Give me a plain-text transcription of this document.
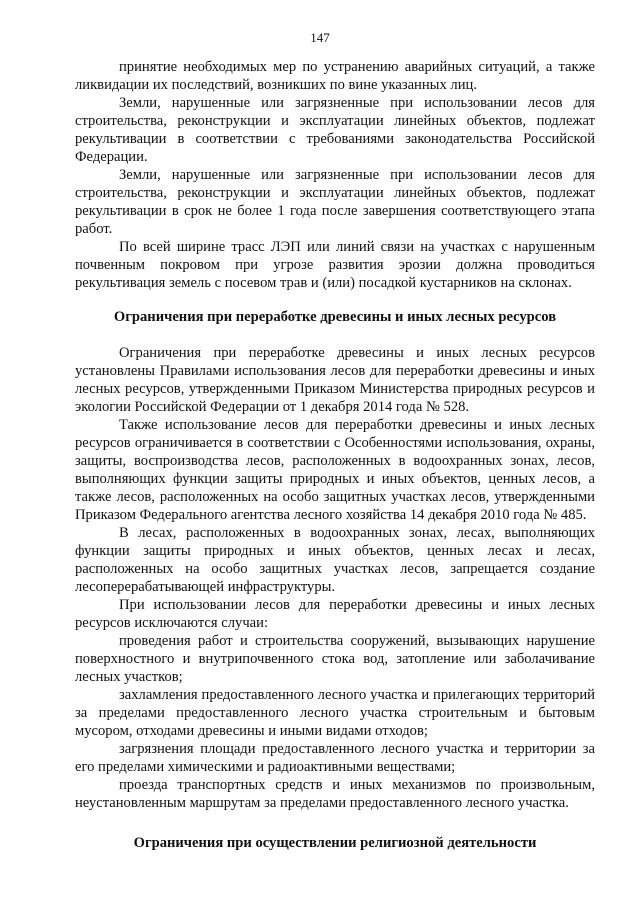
147

принятие необходимых мер по устранению аварийных ситуаций, а также ликвидации их последствий, возникших по вине указанных лиц.

Земли, нарушенные или загрязненные при использовании лесов для строительства, реконструкции и эксплуатации линейных объектов, подлежат рекультивации в соответствии с требованиями законодательства Российской Федерации.

Земли, нарушенные или загрязненные при использовании лесов для строительства, реконструкции и эксплуатации линейных объектов, подлежат рекультивации в срок не более 1 года после завершения соответствующего этапа работ.

По всей ширине трасс ЛЭП или линий связи на участках с нарушенным почвенным покровом при угрозе развития эрозии должна проводиться рекультивация земель с посевом трав и (или) посадкой кустарников на склонах.

Ограничения при переработке древесины и иных лесных ресурсов

Ограничения при переработке древесины и иных лесных ресурсов установлены Правилами использования лесов для переработки древесины и иных лесных ресурсов, утвержденными Приказом Министерства природных ресурсов и экологии Российской Федерации от 1 декабря 2014 года № 528.

Также использование лесов для переработки древесины и иных лесных ресурсов ограничивается в соответствии с Особенностями использования, охраны, защиты, воспроизводства лесов, расположенных в водоохранных зонах, лесов, выполняющих функции защиты природных и иных объектов, ценных лесов, а также лесов, расположенных на особо защитных участках лесов, утвержденными Приказом Федерального агентства лесного хозяйства 14 декабря 2010 года № 485.

В лесах, расположенных в водоохранных зонах, лесах, выполняющих функции защиты природных и иных объектов, ценных лесах и лесах, расположенных на особо защитных участках лесов, запрещается создание лесоперерабатывающей инфраструктуры.

При использовании лесов для переработки древесины и иных лесных ресурсов исключаются случаи:

проведения работ и строительства сооружений, вызывающих нарушение поверхностного и внутрипочвенного стока вод, затопление или заболачивание лесных участков;

захламления предоставленного лесного участка и прилегающих территорий за пределами предоставленного лесного участка строительным и бытовым мусором, отходами древесины и иными видами отходов;

загрязнения площади предоставленного лесного участка и территории за его пределами химическими и радиоактивными веществами;

проезда транспортных средств и иных механизмов по произвольным, неустановленным маршрутам за пределами предоставленного лесного участка.

Ограничения при осуществлении религиозной деятельности
